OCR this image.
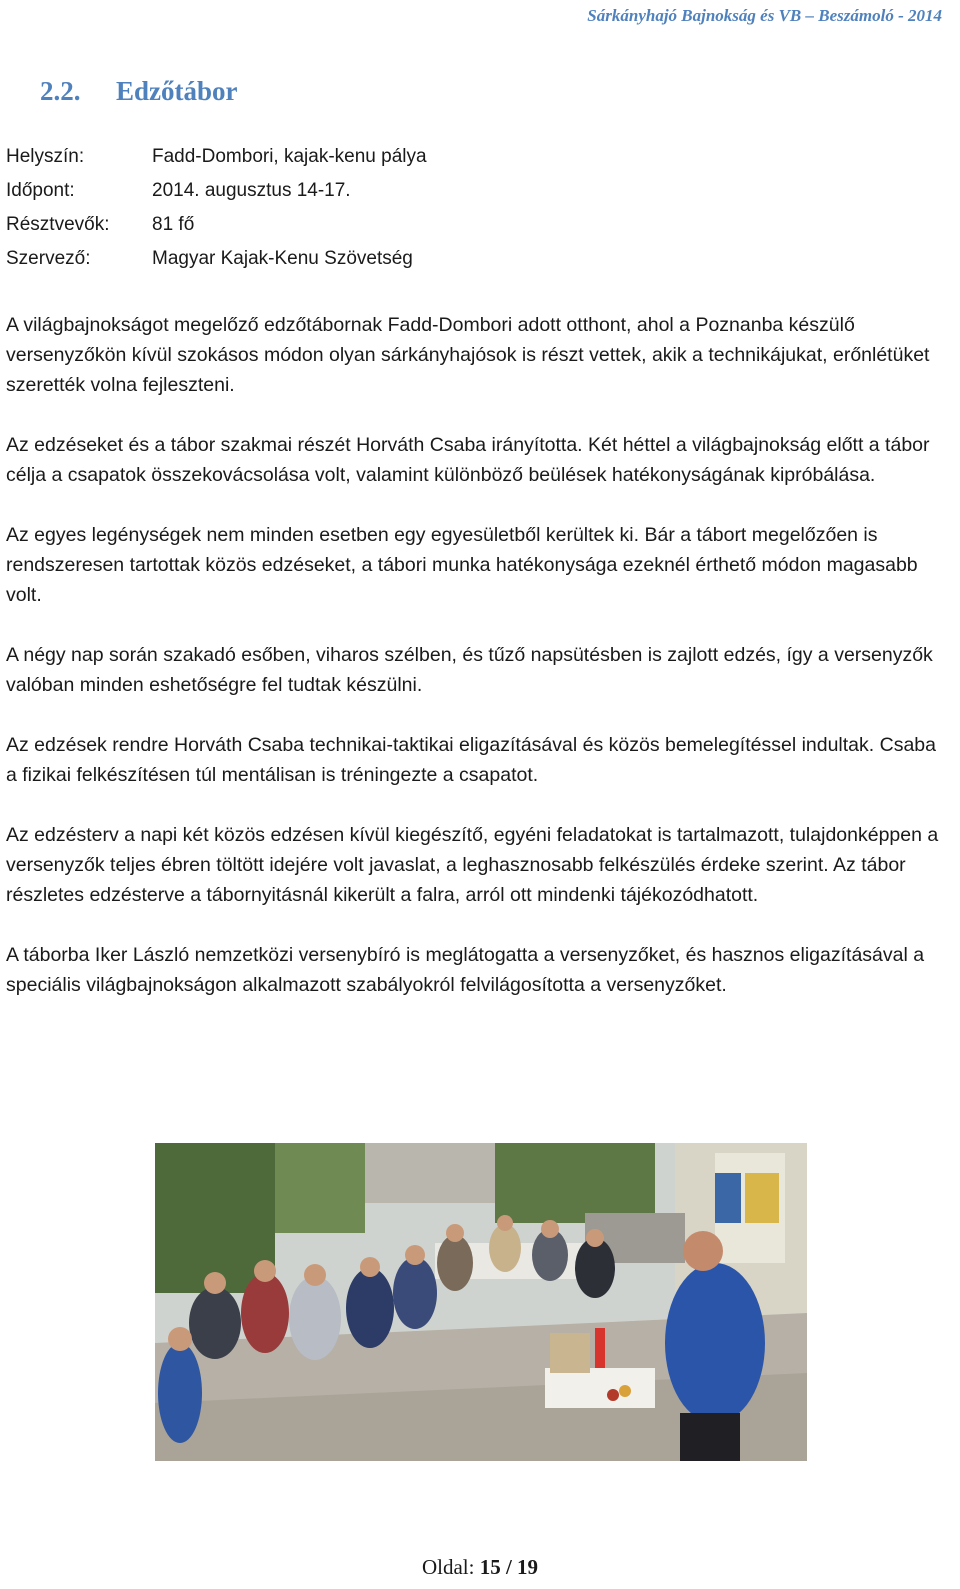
Sárkányhajó Bajnokság és VB – Beszámoló - 2014
2.2. Edzőtábor
Helyszín:	Fadd-Dombori, kajak-kenu pálya
Időpont:	2014. augusztus 14-17.
Résztvevők:	81 fő
Szervező:	Magyar Kajak-Kenu Szövetség

A világbajnokságot megelőző edzőtábornak Fadd-Dombori adott otthont, ahol a Poznanba készülő versenyzőkön kívül szokásos módon olyan sárkányhajósok is részt vettek, akik a technikájukat, erőnlétüket szerették volna fejleszteni.

Az edzéseket és a tábor szakmai részét Horváth Csaba irányította. Két héttel a világbajnokság előtt a tábor célja a csapatok összekovácsolása volt, valamint különböző beülések hatékonyságának kipróbálása.

Az egyes legénységek nem minden esetben egy egyesületből kerültek ki. Bár a tábort megelőzően is rendszeresen tartottak közös edzéseket, a tábori munka hatékonysága ezeknél érthető módon magasabb volt.

A négy nap során szakadó esőben, viharos szélben, és tűző napsütésben is zajlott edzés, így a versenyzők valóban minden eshetőségre fel tudtak készülni.

Az edzések rendre Horváth Csaba technikai-taktikai eligazításával és közös bemelegítéssel indultak. Csaba a fizikai felkészítésen túl mentálisan is tréningezte a csapatot.

Az edzésterv a napi két közös edzésen kívül kiegészítő, egyéni feladatokat is tartalmazott, tulajdonképpen a versenyzők teljes ébren töltött idejére volt javaslat, a leghasznosabb felkészülés érdeke szerint. Az tábor részletes edzésterve a tábornyitásnál kikerült a falra, arról ott mindenki tájékozódhatott.

A táborba Iker László nemzetközi versenybíró is meglátogatta a versenyzőket, és hasznos eligazításával a speciális világbajnokságon alkalmazott szabályokról felvilágosította a versenyzőket.

Oldal: 15 / 19
